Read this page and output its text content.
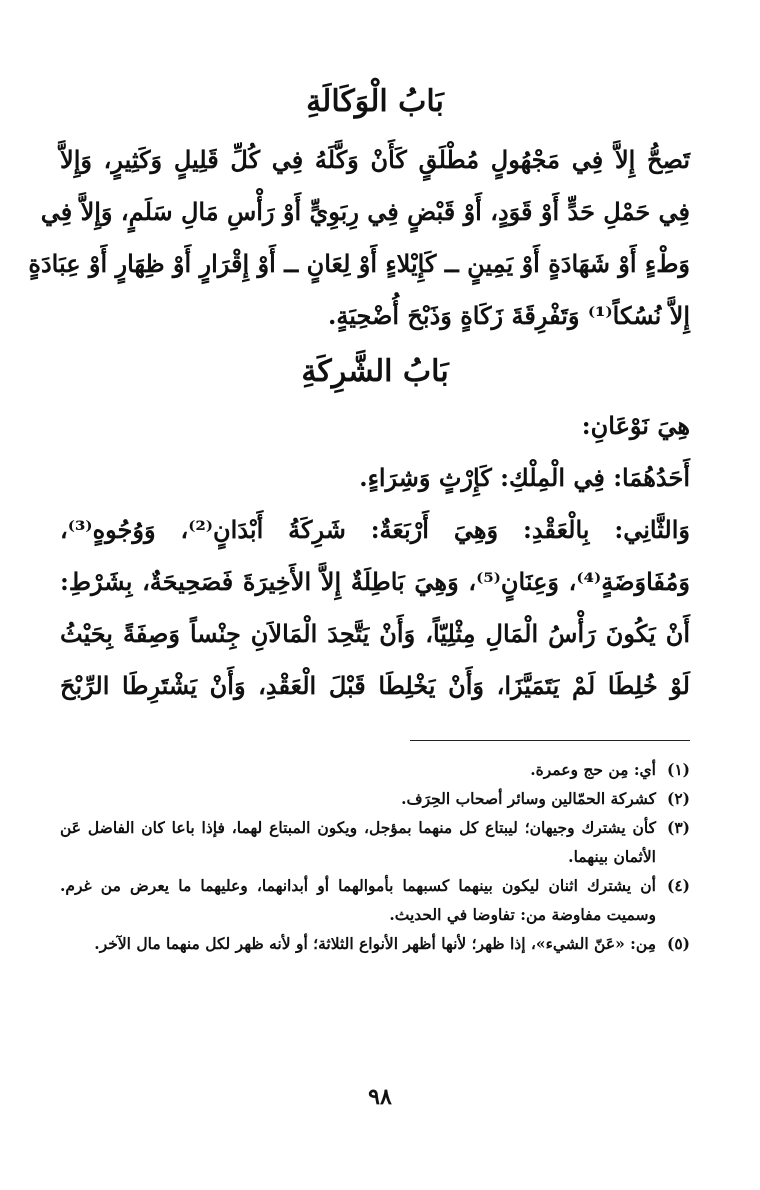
بَابُ الْوَكَالَةِ
تَصِحُّ إِلاَّ فِي مَجْهُولٍ مُطْلَقٍ كَأَنْ وَكَّلَهُ فِي كُلِّ قَلِيلٍ وَكَثِيرٍ، وَإِلاَّ
فِي حَمْلِ حَدٍّ أَوْ قَوَدٍ، أَوْ قَبْضٍ فِي رِبَوِيٍّ أَوْ رَأْسِ مَالِ سَلَمٍ، وَإِلاَّ فِي
وَطْءٍ أَوْ شَهَادَةٍ أَوْ يَمِينٍ ــ كَإِيْلاءٍ أَوْ لِعَانٍ ــ أَوْ إِقْرَارٍ أَوْ ظِهَارٍ أَوْ عِبَادَةٍ
إِلاَّ نُسُكاً⁽¹⁾ وَتَفْرِقَةَ زَكَاةٍ وَذَبْحَ أُضْحِيَةٍ.
بَابُ الشَّرِكَةِ
هِيَ نَوْعَانِ:
أَحَدُهُمَا: فِي الْمِلْكِ: كَإِرْثٍ وَشِرَاءٍ.
وَالثَّانِي: بِالْعَقْدِ: وَهِيَ أَرْبَعَةٌ: شَرِكَةُ أَبْدَانٍ⁽²⁾، وَوُجُوهٍ⁽³⁾،
وَمُفَاوَضَةٍ⁽⁴⁾، وَعِنَانٍ⁽⁵⁾، وَهِيَ بَاطِلَةٌ إِلاَّ الأَخِيرَةَ فَصَحِيحَةٌ، بِشَرْطِ:
أَنْ يَكُونَ رَأْسُ الْمَالِ مِثْلِيّاً، وَأَنْ يَتَّحِدَ الْمَالاَنِ جِنْساً وَصِفَةً بِحَيْثُ
لَوْ خُلِطَا لَمْ يَتَمَيَّزَا، وَأَنْ يَخْلِطَا قَبْلَ الْعَقْدِ، وَأَنْ يَشْتَرِطَا الرِّبْحَ
(١)
أي: مِن حج وعمرة.
(٢)
كشركة الحمّالين وسائر أصحاب الحِرَف.
(٣)
كأن يشترك وجيهان؛ ليبتاع كل منهما بمؤجل، ويكون المبتاع لهما، فإذا باعا كان الفاضل عَن الأثمان بينهما.
(٤)
أن يشترك اثنان ليكون بينهما كسبهما بأموالهما أو أبدانهما، وعليهما ما يعرض من غرم. وسميت مفاوضة من: تفاوضا في الحديث.
(٥)
مِن: «عَنّ الشيء»، إذا ظهر؛ لأنها أظهر الأنواع الثلاثة؛ أو لأنه ظهر لكل منهما مال الآخر.
٩٨
